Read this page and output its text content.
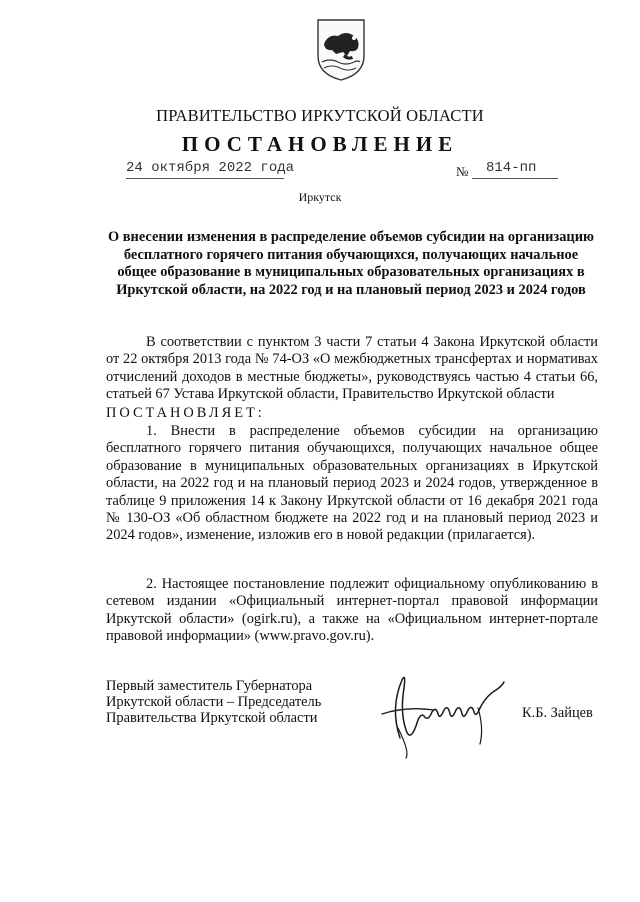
ПРАВИТЕЛЬСТВО ИРКУТСКОЙ ОБЛАСТИ
ПОСТАНОВЛЕНИЕ
24 октября 2022 года	№ 814-пп
Иркутск
О внесении изменения в распределение объемов субсидии на организацию бесплатного горячего питания обучающихся, получающих начальное общее образование в муниципальных образовательных организациях в Иркутской области, на 2022 год и на плановый период 2023 и 2024 годов
В соответствии с пунктом 3 части 7 статьи 4 Закона Иркутской области от 22 октября 2013 года № 74-ОЗ «О межбюджетных трансфертах и нормативах отчислений доходов в местные бюджеты», руководствуясь частью 4 статьи 66, статьей 67 Устава Иркутской области, Правительство Иркутской области
ПОСТАНОВЛЯЕТ:
1. Внести в распределение объемов субсидии на организацию бесплатного горячего питания обучающихся, получающих начальное общее образование в муниципальных образовательных организациях в Иркутской области, на 2022 год и на плановый период 2023 и 2024 годов, утвержденное в таблице 9 приложения 14 к Закону Иркутской области от 16 декабря 2021 года № 130-ОЗ «Об областном бюджете на 2022 год и на плановый период 2023 и 2024 годов», изменение, изложив его в новой редакции (прилагается).
2. Настоящее постановление подлежит официальному опубликованию в сетевом издании «Официальный интернет-портал правовой информации Иркутской области» (ogirk.ru), а также на «Официальном интернет-портале правовой информации» (www.pravo.gov.ru).
Первый заместитель Губернатора
Иркутской области – Председатель
Правительства Иркутской области	К.Б. Зайцев
